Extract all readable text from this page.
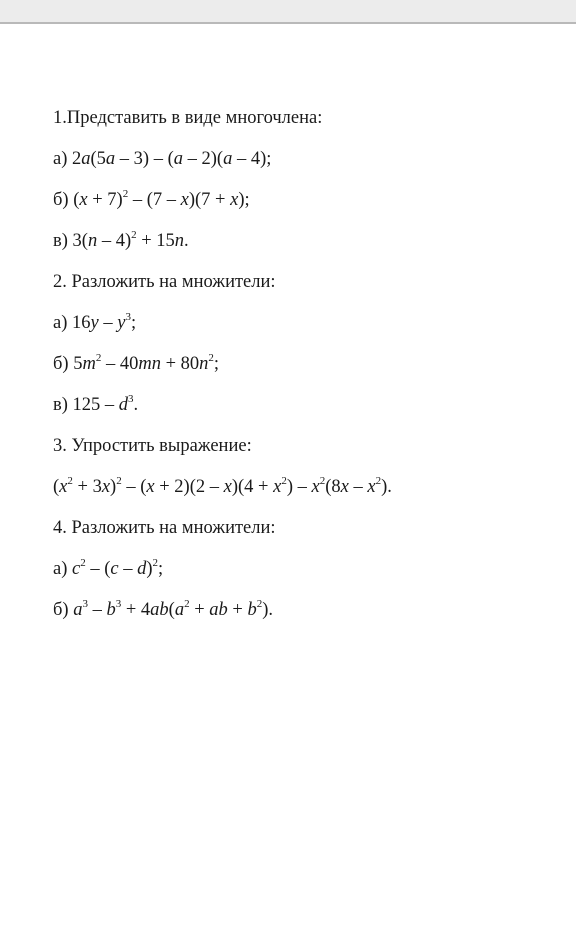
1.Представить в виде многочлена:
а) 2a(5a – 3) – (a – 2)(a – 4);
б) $(x + 7)^2 - (7 - x)(7 + x)$;
в) 3(n – 4)$^2$ + 15n.
2. Разложить на множители:
а) $16y - y^3$;
б) $5m^2 - 40mn + 80n^2$;
в) $125 - d^3$.
3. Упростить выражение:
$(x^2 + 3x)^2 - (x + 2)(2 - x)(4 + x^2) - x^2(8x - x^2)$.
4. Разложить на множители:
а) $c^2 - (c - d)^2$;
б) $a^3 - b^3 + 4ab(a^2$ + ab + $b^2$).
